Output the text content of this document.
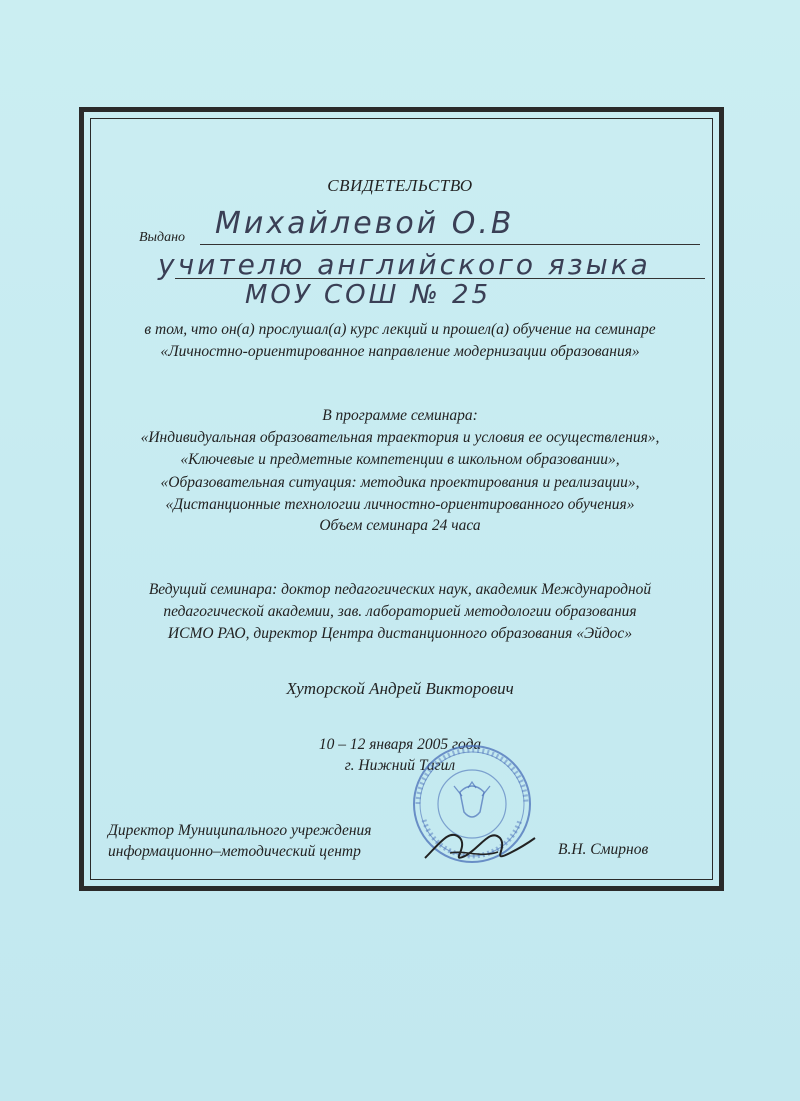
СВИДЕТЕЛЬСТВО
Выдано Михайлевой О.В
учителю английского языка
МОУ СОШ № 25
в том, что он(а) прослушал(а) курс лекций и прошел(а) обучение на семинаре
«Личностно-ориентированное направление модернизации образования»
В программе семинара:
«Индивидуальная образовательная траектория и условия ее осуществления»,
«Ключевые и предметные компетенции в школьном образовании»,
«Образовательная ситуация: методика проектирования и реализации»,
«Дистанционные технологии личностно-ориентированного обучения»
Объем семинара 24 часа
Ведущий семинара: доктор педагогических наук, академик Международной
педагогической академии, зав. лабораторией методологии образования
ИСМО РАО, директор Центра дистанционного образования «Эйдос»
Хуторской Андрей Викторович
10 – 12 января 2005 года
г. Нижний Тагил
Директор Муниципального учреждения
информационно–методический центр	В.Н. Смирнов
